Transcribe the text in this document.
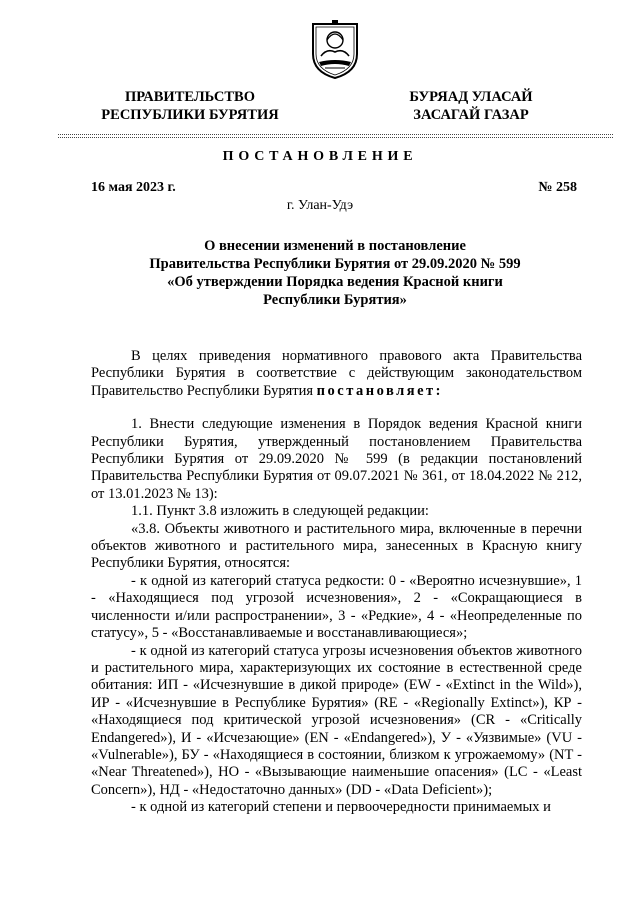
ПРАВИТЕЛЬСТВО
РЕСПУБЛИКИ БУРЯТИЯ
БУРЯАД УЛАСАЙ
ЗАСАГАЙ ГАЗАР
ПОСТАНОВЛЕНИЕ
16 мая 2023 г.	№ 258
г. Улан-Удэ
О внесении изменений в постановление
Правительства Республики Бурятия от 29.09.2020 № 599
«Об утверждении Порядка ведения Красной книги
Республики Бурятия»

В целях приведения нормативного правового акта Правительства Республики Бурятия в соответствие с действующим законодательством Правительство Республики Бурятия постановляет:

1. Внести следующие изменения в Порядок ведения Красной книги Республики Бурятия, утвержденный постановлением Правительства Республики Бурятия от 29.09.2020 № 599 (в редакции постановлений Правительства Республики Бурятия от 09.07.2021 № 361, от 18.04.2022 № 212, от 13.01.2023 № 13):

1.1. Пункт 3.8 изложить в следующей редакции:

«3.8. Объекты животного и растительного мира, включенные в перечни объектов животного и растительного мира, занесенных в Красную книгу Республики Бурятия, относятся:

- к одной из категорий статуса редкости: 0 - «Вероятно исчезнувшие», 1 - «Находящиеся под угрозой исчезновения», 2 - «Сокращающиеся в численности и/или распространении», 3 - «Редкие», 4 - «Неопределенные по статусу», 5 - «Восстанавливаемые и восстанавливающиеся»;

- к одной из категорий статуса угрозы исчезновения объектов животного и растительного мира, характеризующих их состояние в естественной среде обитания: ИП - «Исчезнувшие в дикой природе» (EW - «Extinct in the Wild»), ИР - «Исчезнувшие в Республике Бурятия» (RE - «Regionally Extinct»), КР - «Находящиеся под критической угрозой исчезновения» (CR - «Critically Endangered»), И - «Исчезающие» (EN - «Endangered»), У - «Уязвимые» (VU - «Vulnerable»), БУ - «Находящиеся в состоянии, близком к угрожаемому» (NT - «Near Threatened»), НО - «Вызывающие наименьшие опасения» (LC - «Least Concern»), НД - «Недостаточно данных» (DD - «Data Deficient»);

- к одной из категорий степени и первоочередности принимаемых и
